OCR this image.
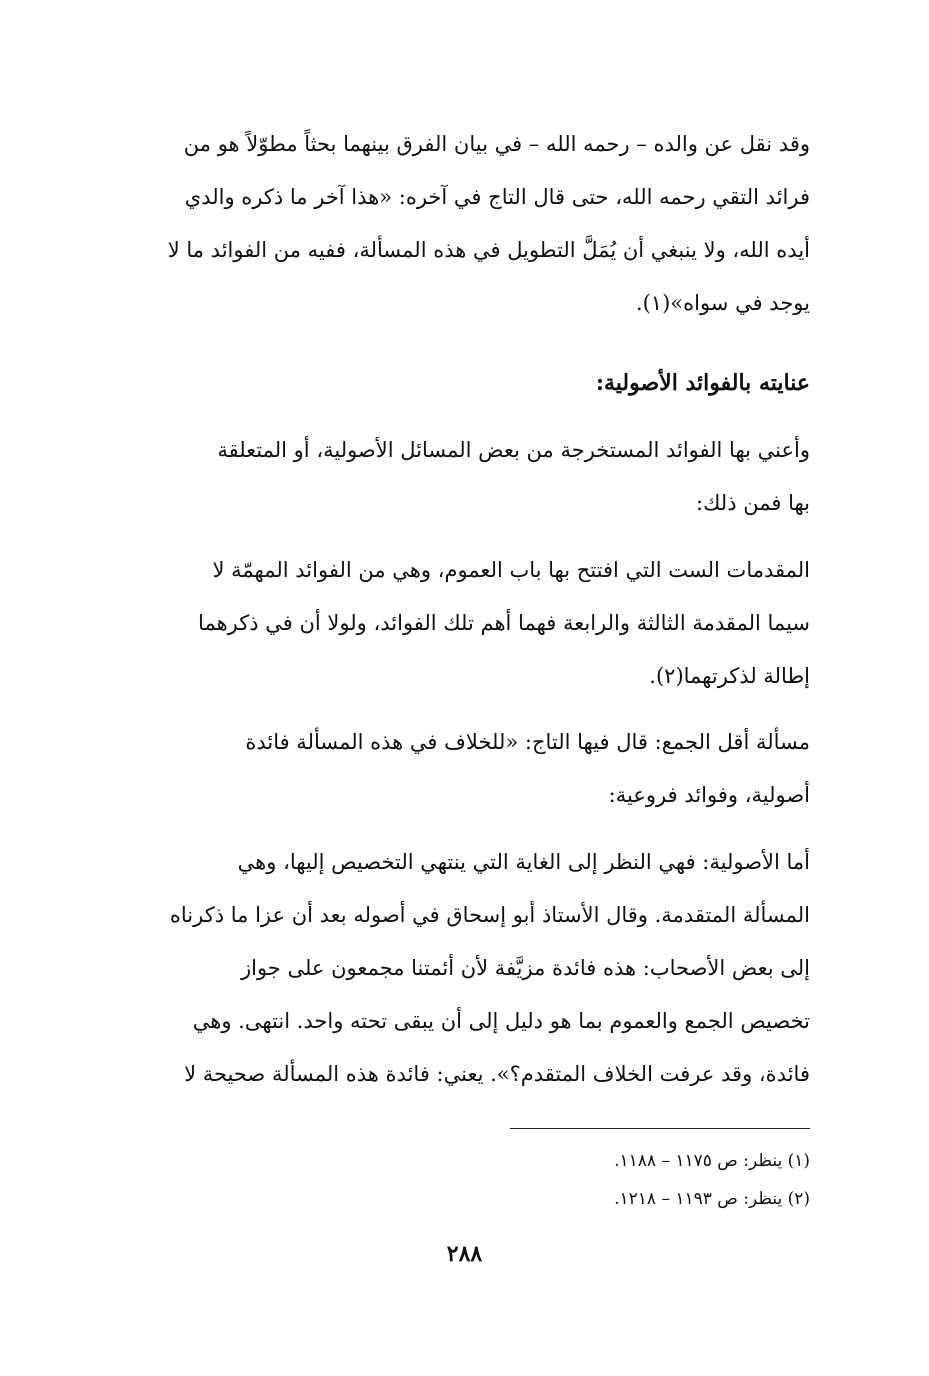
وقد نقل عن والده – رحمه الله – في بيان الفرق بينهما بحثاً مطوّلاً هو من
فرائد التقي رحمه الله، حتى قال التاج في آخره: «هذا آخر ما ذكره والدي
أيده الله، ولا ينبغي أن يُمَلَّ التطويل في هذه المسألة، ففيه من الفوائد ما لا
يوجد في سواه»(١).
عنايته بالفوائد الأصولية:
وأعني بها الفوائد المستخرجة من بعض المسائل الأصولية، أو المتعلقة
بها فمن ذلك:
المقدمات الست التي افتتح بها باب العموم، وهي من الفوائد المهمّة لا
سيما المقدمة الثالثة والرابعة فهما أهم تلك الفوائد، ولولا أن في ذكرهما
إطالة لذكرتهما(٢).
مسألة أقل الجمع: قال فيها التاج: «للخلاف في هذه المسألة فائدة
أصولية، وفوائد فروعية:
أما الأصولية: فهي النظر إلى الغاية التي ينتهي التخصيص إليها، وهي
المسألة المتقدمة. وقال الأستاذ أبو إسحاق في أصوله بعد أن عزا ما ذكرناه
إلى بعض الأصحاب: هذه فائدة مزيَّفة لأن أئمتنا مجمعون على جواز
تخصيص الجمع والعموم بما هو دليل إلى أن يبقى تحته واحد. انتهى. وهي
فائدة، وقد عرفت الخلاف المتقدم؟». يعني: فائدة هذه المسألة صحيحة لا
(١) ينظر: ص ١١٧٥ – ١١٨٨.
(٢) ينظر: ص ١١٩٣ – ١٢١٨.
٢٨٨
